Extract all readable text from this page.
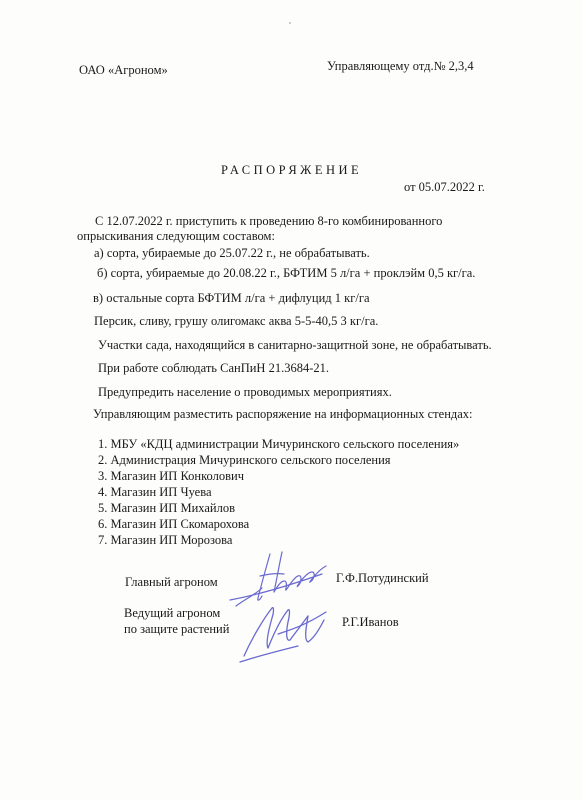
ОАО «Агроном»	Управляющему отд.№ 2,3,4
РАСПОРЯЖЕНИЕ
от 05.07.2022 г.
С 12.07.2022 г. приступить к проведению 8-го комбинированного
опрыскивания следующим составом:
а) сорта, убираемые до 25.07.22 г., не обрабатывать.
б) сорта, убираемые до 20.08.22 г., БФТИМ 5 л/га + проклэйм 0,5 кг/га.
в) остальные сорта БФТИМ л/га + дифлуцид 1 кг/га
Персик, сливу, грушу олигомакс аква 5-5-40,5 3 кг/га.
Участки сада, находящийся в санитарно-защитной зоне, не обрабатывать.
При работе соблюдать СанПиН 21.3684-21.
Предупредить население о проводимых мероприятиях.
Управляющим разместить распоряжение на информационных стендах:
1. МБУ «КДЦ администрации Мичуринского сельского поселения»
2. Администрация Мичуринского сельского поселения
3. Магазин ИП Конколович
4. Магазин ИП Чуева
5. Магазин ИП Михайлов
6. Магазин ИП Скомарохова
7. Магазин ИП Морозова
Главный агроном	Г.Ф.Потудинский
Ведущий агроном
по защите растений	Р.Г.Иванов
